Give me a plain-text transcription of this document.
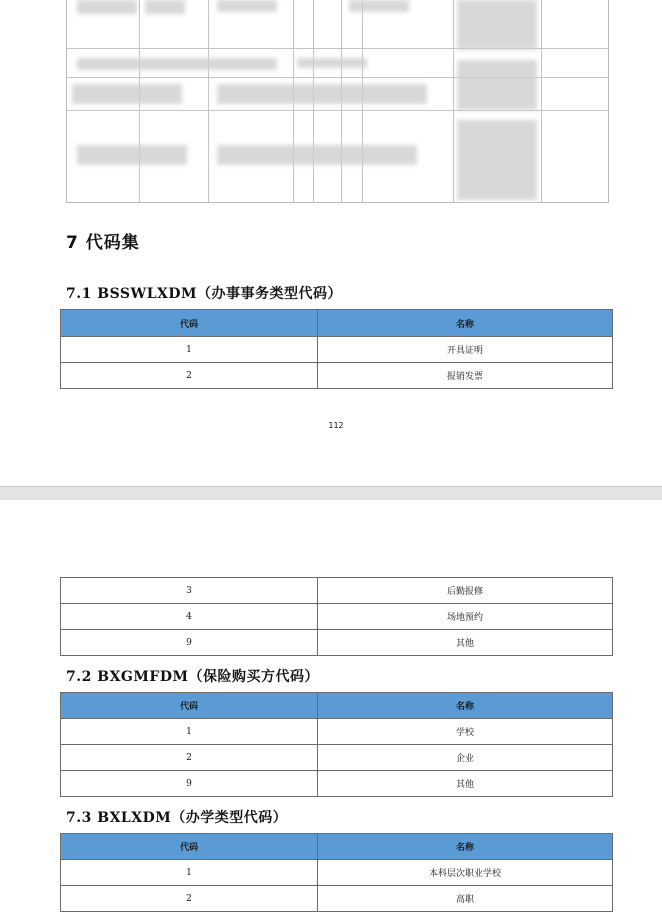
7 代码集
7.1 BSSWLXDM（办事事务类型代码）
代码	名称
1	开具证明
2	报销发票
112
3	后勤报修
4	场地预约
9	其他
7.2 BXGMFDM（保险购买方代码）
代码	名称
1	学校
2	企业
9	其他
7.3 BXLXDM（办学类型代码）
代码	名称
1	本科层次职业学校
2	高职
